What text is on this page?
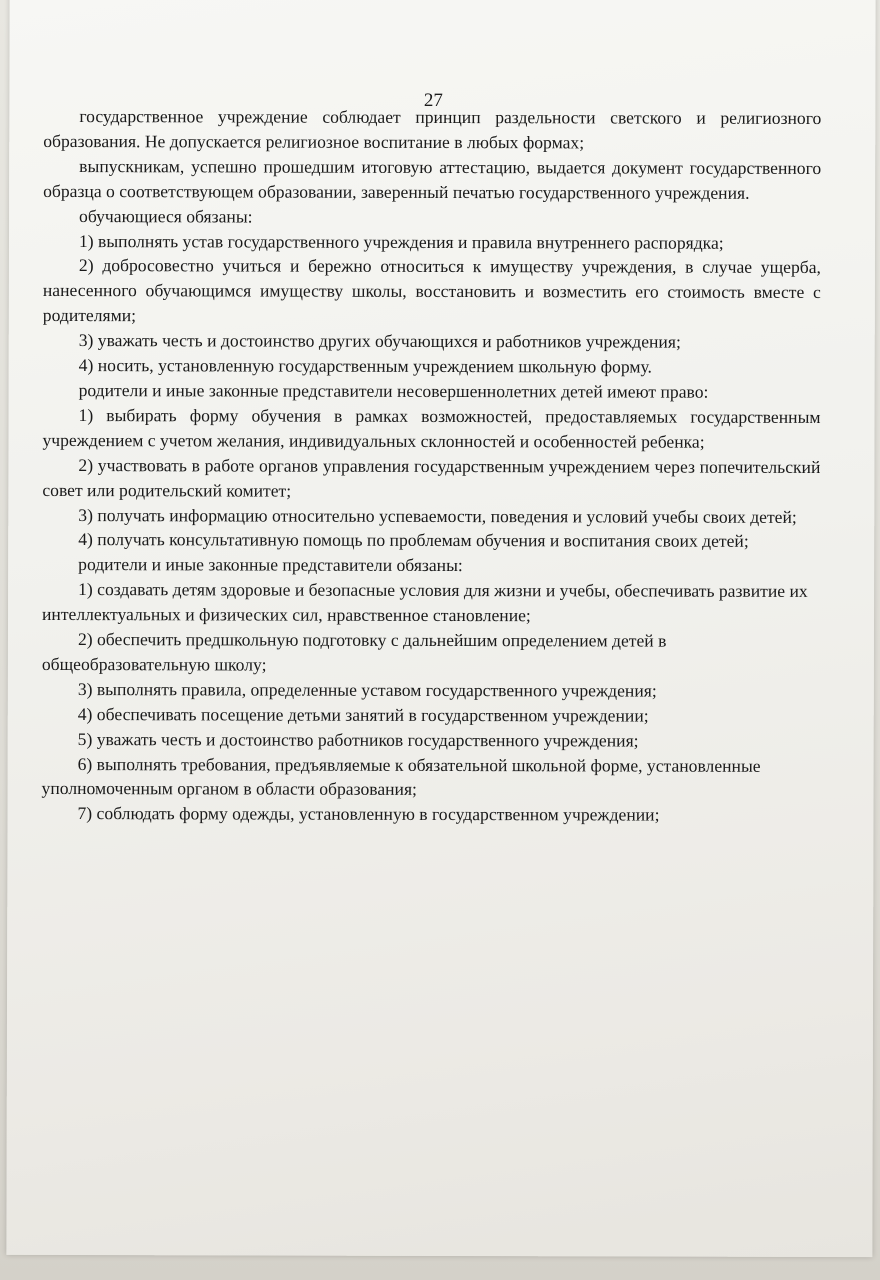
27

государственное учреждение соблюдает принцип раздельности светского и религиозного образования. Не допускается религиозное воспитание в любых формах;

выпускникам, успешно прошедшим итоговую аттестацию, выдается документ государственного образца о соответствующем образовании, заверенный печатью государственного учреждения.

обучающиеся обязаны:

1) выполнять устав государственного учреждения и правила внутреннего распорядка;

2) добросовестно учиться и бережно относиться к имуществу учреждения, в случае ущерба, нанесенного обучающимся имуществу школы, восстановить и возместить его стоимость вместе с родителями;

3) уважать честь и достоинство других обучающихся и работников учреждения;

4) носить, установленную государственным учреждением школьную форму.

родители и иные законные представители несовершеннолетних детей имеют право:

1) выбирать форму обучения в рамках возможностей, предоставляемых государственным учреждением с учетом желания, индивидуальных склонностей и особенностей ребенка;

2) участвовать в работе органов управления государственным учреждением через попечительский совет или родительский комитет;

3) получать информацию относительно успеваемости, поведения и условий учебы своих детей;

4) получать консультативную помощь по проблемам обучения и воспитания своих детей;

родители и иные законные представители обязаны:

1) создавать детям здоровые и безопасные условия для жизни и учебы, обеспечивать развитие их интеллектуальных и физических сил, нравственное становление;

2) обеспечить предшкольную подготовку с дальнейшим определением детей в общеобразовательную школу;

3) выполнять правила, определенные уставом государственного учреждения;

4) обеспечивать посещение детьми занятий в государственном учреждении;

5) уважать честь и достоинство работников государственного учреждения;

6) выполнять требования, предъявляемые к обязательной школьной форме, установленные уполномоченным органом в области образования;

7) соблюдать форму одежды, установленную в государственном учреждении;
